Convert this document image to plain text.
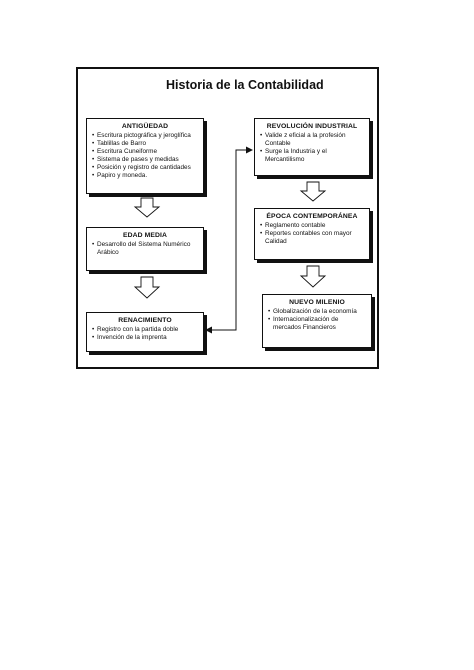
Historia de la Contabilidad
ANTIGÜEDAD
• Escritura pictográfica y jeroglífica
• Tablillas de Barro
• Escritura Cuneiforme
• Sistema de pases y medidas
• Posición y registro de cantidades
• Papiro y moneda.
EDAD MEDIA
• Desarrollo del Sistema Numérico Arábico
RENACIMIENTO
• Registro con la partida doble
• Invención de la imprenta
REVOLUCIÓN INDUSTRIAL
• Valide z eficial a la profesión Contable
• Surge la Industria y el Mercantilismo
ÉPOCA CONTEMPORÁNEA
• Reglamento contable
• Reportes contables con mayor Calidad
NUEVO MILENIO
• Globalización de la economía
• Internacionalización de mercados Financieros
